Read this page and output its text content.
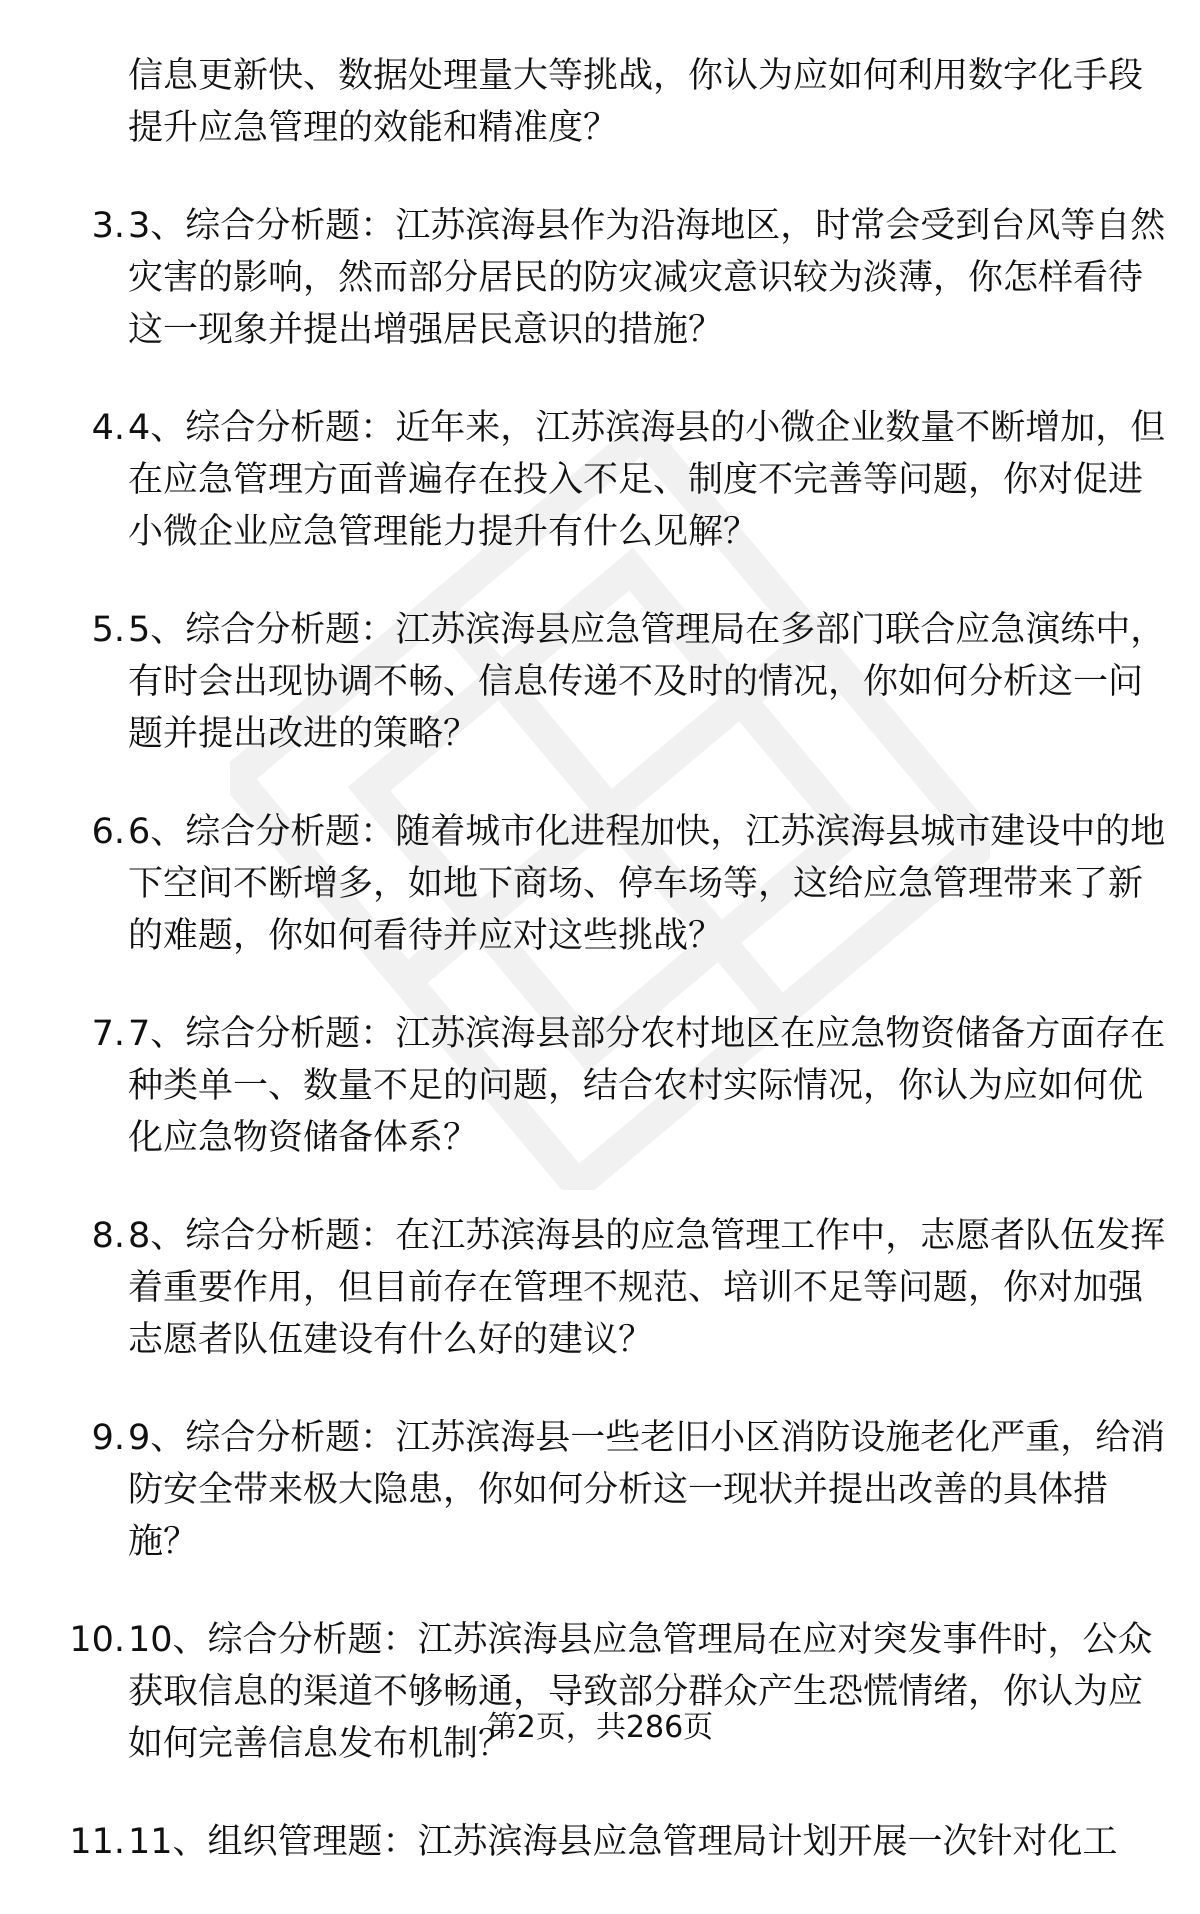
信息更新快、数据处理量大等挑战，你认为应如何利用数字化手段提升应急管理的效能和精准度？
3. 3、综合分析题：江苏滨海县作为沿海地区，时常会受到台风等自然灾害的影响，然而部分居民的防灾减灾意识较为淡薄，你怎样看待这一现象并提出增强居民意识的措施？
4. 4、综合分析题：近年来，江苏滨海县的小微企业数量不断增加，但在应急管理方面普遍存在投入不足、制度不完善等问题，你对促进小微企业应急管理能力提升有什么见解？
5. 5、综合分析题：江苏滨海县应急管理局在多部门联合应急演练中，有时会出现协调不畅、信息传递不及时的情况，你如何分析这一问题并提出改进的策略？
6. 6、综合分析题：随着城市化进程加快，江苏滨海县城市建设中的地下空间不断增多，如地下商场、停车场等，这给应急管理带来了新的难题，你如何看待并应对这些挑战？
7. 7、综合分析题：江苏滨海县部分农村地区在应急物资储备方面存在种类单一、数量不足的问题，结合农村实际情况，你认为应如何优化应急物资储备体系？
8. 8、综合分析题：在江苏滨海县的应急管理工作中，志愿者队伍发挥着重要作用，但目前存在管理不规范、培训不足等问题，你对加强志愿者队伍建设有什么好的建议？
9. 9、综合分析题：江苏滨海县一些老旧小区消防设施老化严重，给消防安全带来极大隐患，你如何分析这一现状并提出改善的具体措施？
10. 10、综合分析题：江苏滨海县应急管理局在应对突发事件时，公众获取信息的渠道不够畅通，导致部分群众产生恐慌情绪，你认为应如何完善信息发布机制？
11. 11、组织管理题：江苏滨海县应急管理局计划开展一次针对化工
第2页，共286页
